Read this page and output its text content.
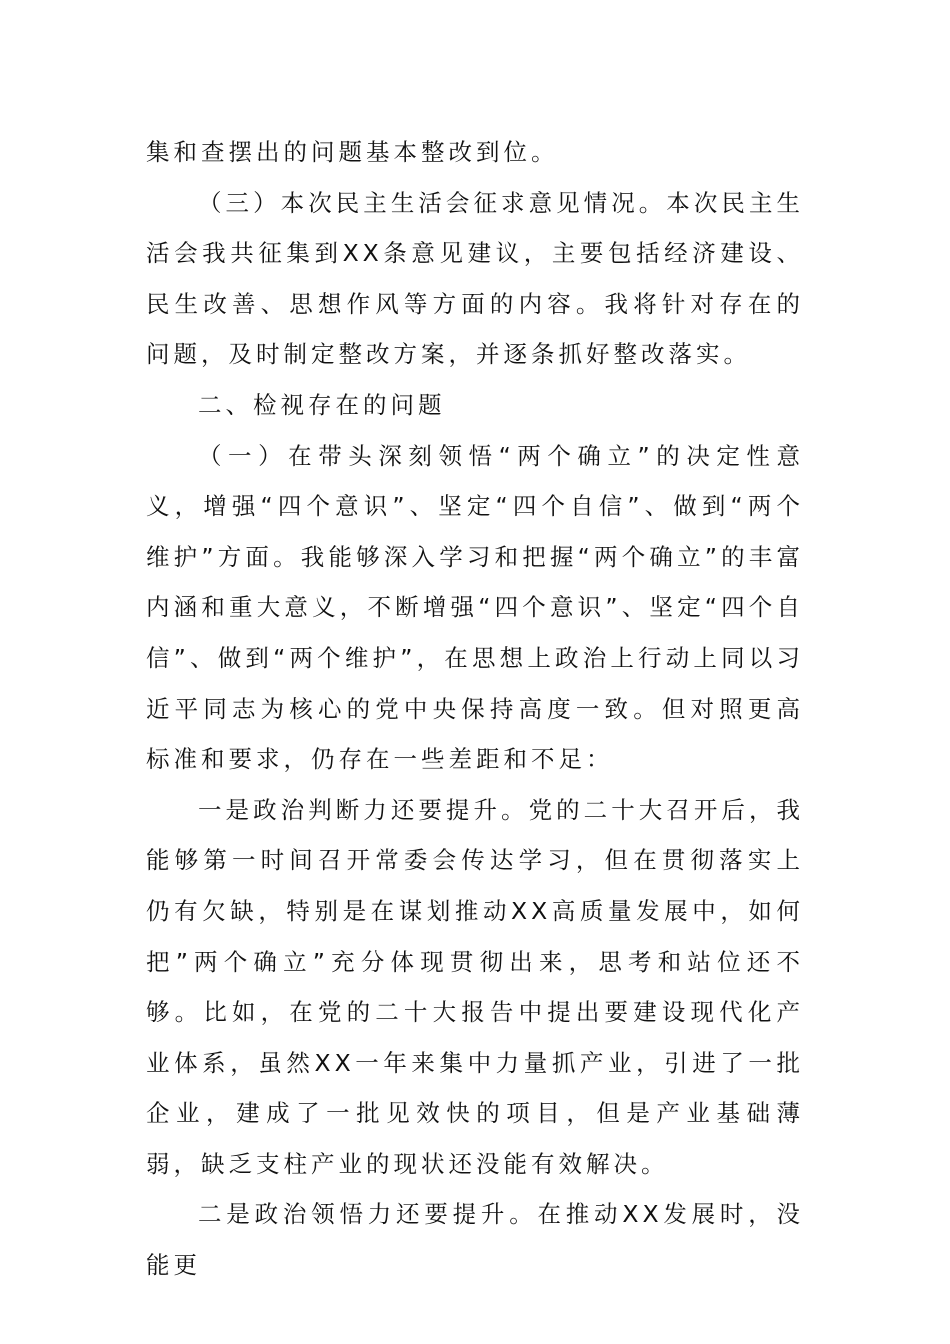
集和查摆出的问题基本整改到位。

（三）本次民主生活会征求意见情况。本次民主生活会我共征集到XX条意见建议，主要包括经济建设、民生改善、思想作风等方面的内容。我将针对存在的问题，及时制定整改方案，并逐条抓好整改落实。

二、检视存在的问题

（一）在带头深刻领悟“两个确立”的决定性意义，增强“四个意识”、坚定“四个自信”、做到“两个维护”方面。我能够深入学习和把握“两个确立”的丰富内涵和重大意义，不断增强“四个意识”、坚定“四个自信”、做到“两个维护”，在思想上政治上行动上同以习近平同志为核心的党中央保持高度一致。但对照更高标准和要求，仍存在一些差距和不足：

一是政治判断力还要提升。党的二十大召开后，我能够第一时间召开常委会传达学习，但在贯彻落实上仍有欠缺，特别是在谋划推动XX高质量发展中，如何把”两个确立”充分体现贯彻出来，思考和站位还不够。比如，在党的二十大报告中提出要建设现代化产业体系，虽然XX一年来集中力量抓产业，引进了一批企业，建成了一批见效快的项目，但是产业基础薄弱，缺乏支柱产业的现状还没能有效解决。

二是政治领悟力还要提升。在推动XX发展时，没能更
